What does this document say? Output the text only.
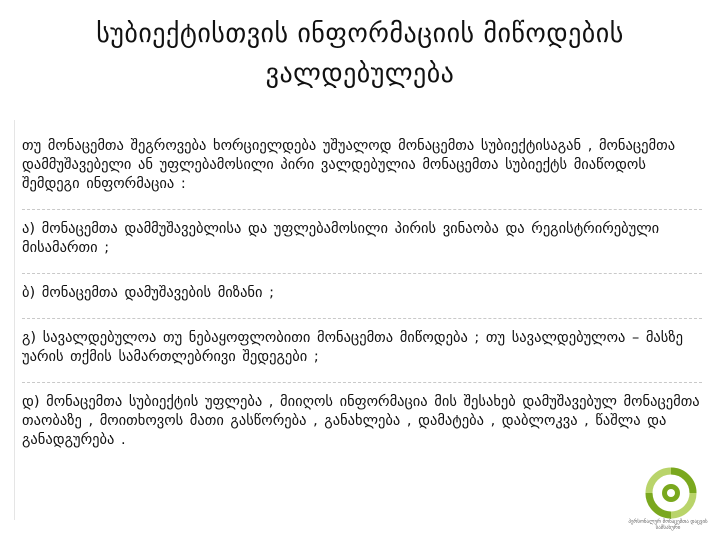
სუბიექტისთვის ინფორმაციის მიწოდების ვალდებულება

თუ მონაცემთა შეგროვება ხორციელდება უშუალოდ მონაცემთა სუბიექტისაგან , მონაცემთა დამმუშავებელი ან უფლებამოსილი პირი ვალდებულია მონაცემთა სუბიექტს მიაწოდოს შემდეგი ინფორმაცია :

ა) მონაცემთა დამმუშავებლისა და უფლებამოსილი პირის ვინაობა და რეგისტრირებული მისამართი ;

ბ) მონაცემთა დამუშავების მიზანი ;

გ) სავალდებულოა თუ ნებაყოფლობითი მონაცემთა მიწოდება ; თუ სავალდებულოა – მასზე უარის თქმის სამართლებრივი შედეგები ;

დ) მონაცემთა სუბიექტის უფლება , მიიღოს ინფორმაცია მის შესახებ დამუშავებულ მონაცემთა თაობაზე , მოითხოვოს მათი გასწორება , განახლება , დამატება , დაბლოკვა , წაშლა და განადგურება .

პერსონალურ მონაცემთა დაცვის სამსახური
